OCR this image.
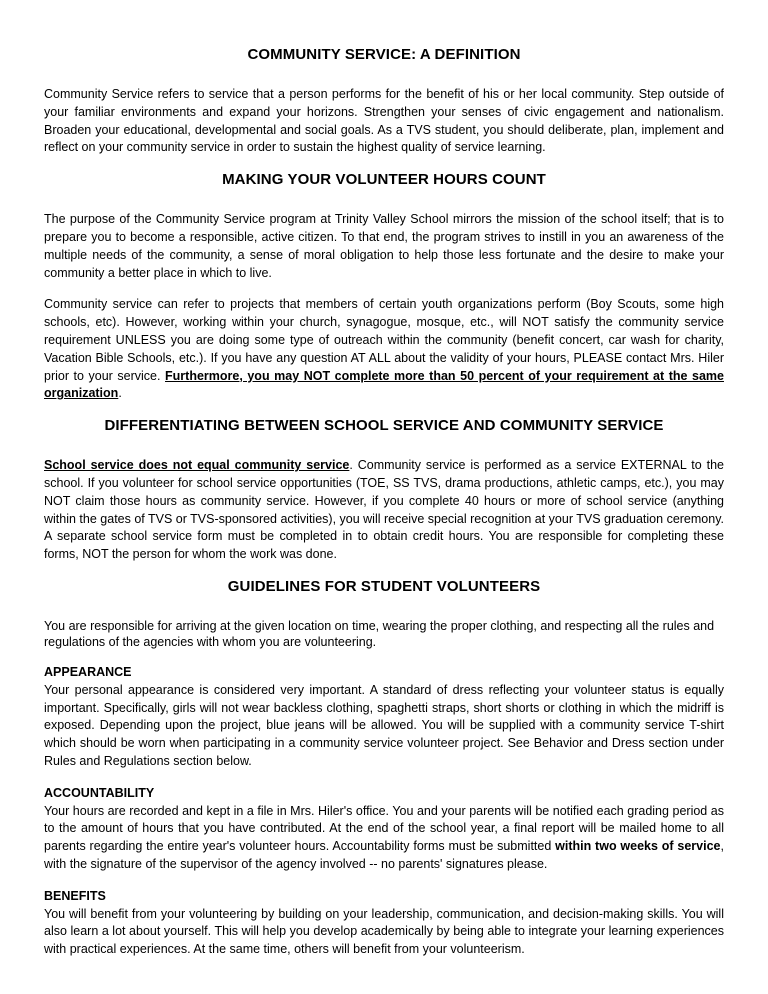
COMMUNITY SERVICE: A DEFINITION

Community Service refers to service that a person performs for the benefit of his or her local community. Step outside of your familiar environments and expand your horizons. Strengthen your senses of civic engagement and nationalism. Broaden your educational, developmental and social goals. As a TVS student, you should deliberate, plan, implement and reflect on your community service in order to sustain the highest quality of service learning.

MAKING YOUR VOLUNTEER HOURS COUNT

The purpose of the Community Service program at Trinity Valley School mirrors the mission of the school itself; that is to prepare you to become a responsible, active citizen. To that end, the program strives to instill in you an awareness of the multiple needs of the community, a sense of moral obligation to help those less fortunate and the desire to make your community a better place in which to live.

Community service can refer to projects that members of certain youth organizations perform (Boy Scouts, some high schools, etc). However, working within your church, synagogue, mosque, etc., will NOT satisfy the community service requirement UNLESS you are doing some type of outreach within the community (benefit concert, car wash for charity, Vacation Bible Schools, etc.). If you have any question AT ALL about the validity of your hours, PLEASE contact Mrs. Hiler prior to your service. Furthermore, you may NOT complete more than 50 percent of your requirement at the same organization.

DIFFERENTIATING BETWEEN SCHOOL SERVICE AND COMMUNITY SERVICE

School service does not equal community service. Community service is performed as a service EXTERNAL to the school. If you volunteer for school service opportunities (TOE, SS TVS, drama productions, athletic camps, etc.), you may NOT claim those hours as community service. However, if you complete 40 hours or more of school service (anything within the gates of TVS or TVS-sponsored activities), you will receive special recognition at your TVS graduation ceremony. A separate school service form must be completed in to obtain credit hours. You are responsible for completing these forms, NOT the person for whom the work was done.

GUIDELINES FOR STUDENT VOLUNTEERS

You are responsible for arriving at the given location on time, wearing the proper clothing, and respecting all the rules and regulations of the agencies with whom you are volunteering.

APPEARANCE

Your personal appearance is considered very important. A standard of dress reflecting your volunteer status is equally important. Specifically, girls will not wear backless clothing, spaghetti straps, short shorts or clothing in which the midriff is exposed. Depending upon the project, blue jeans will be allowed. You will be supplied with a community service T-shirt which should be worn when participating in a community service volunteer project. See Behavior and Dress section under Rules and Regulations section below.

ACCOUNTABILITY

Your hours are recorded and kept in a file in Mrs. Hiler's office. You and your parents will be notified each grading period as to the amount of hours that you have contributed. At the end of the school year, a final report will be mailed home to all parents regarding the entire year's volunteer hours. Accountability forms must be submitted within two weeks of service, with the signature of the supervisor of the agency involved -- no parents' signatures please.

BENEFITS

You will benefit from your volunteering by building on your leadership, communication, and decision-making skills. You will also learn a lot about yourself. This will help you develop academically by being able to integrate your learning experiences with practical experiences. At the same time, others will benefit from your volunteerism.
